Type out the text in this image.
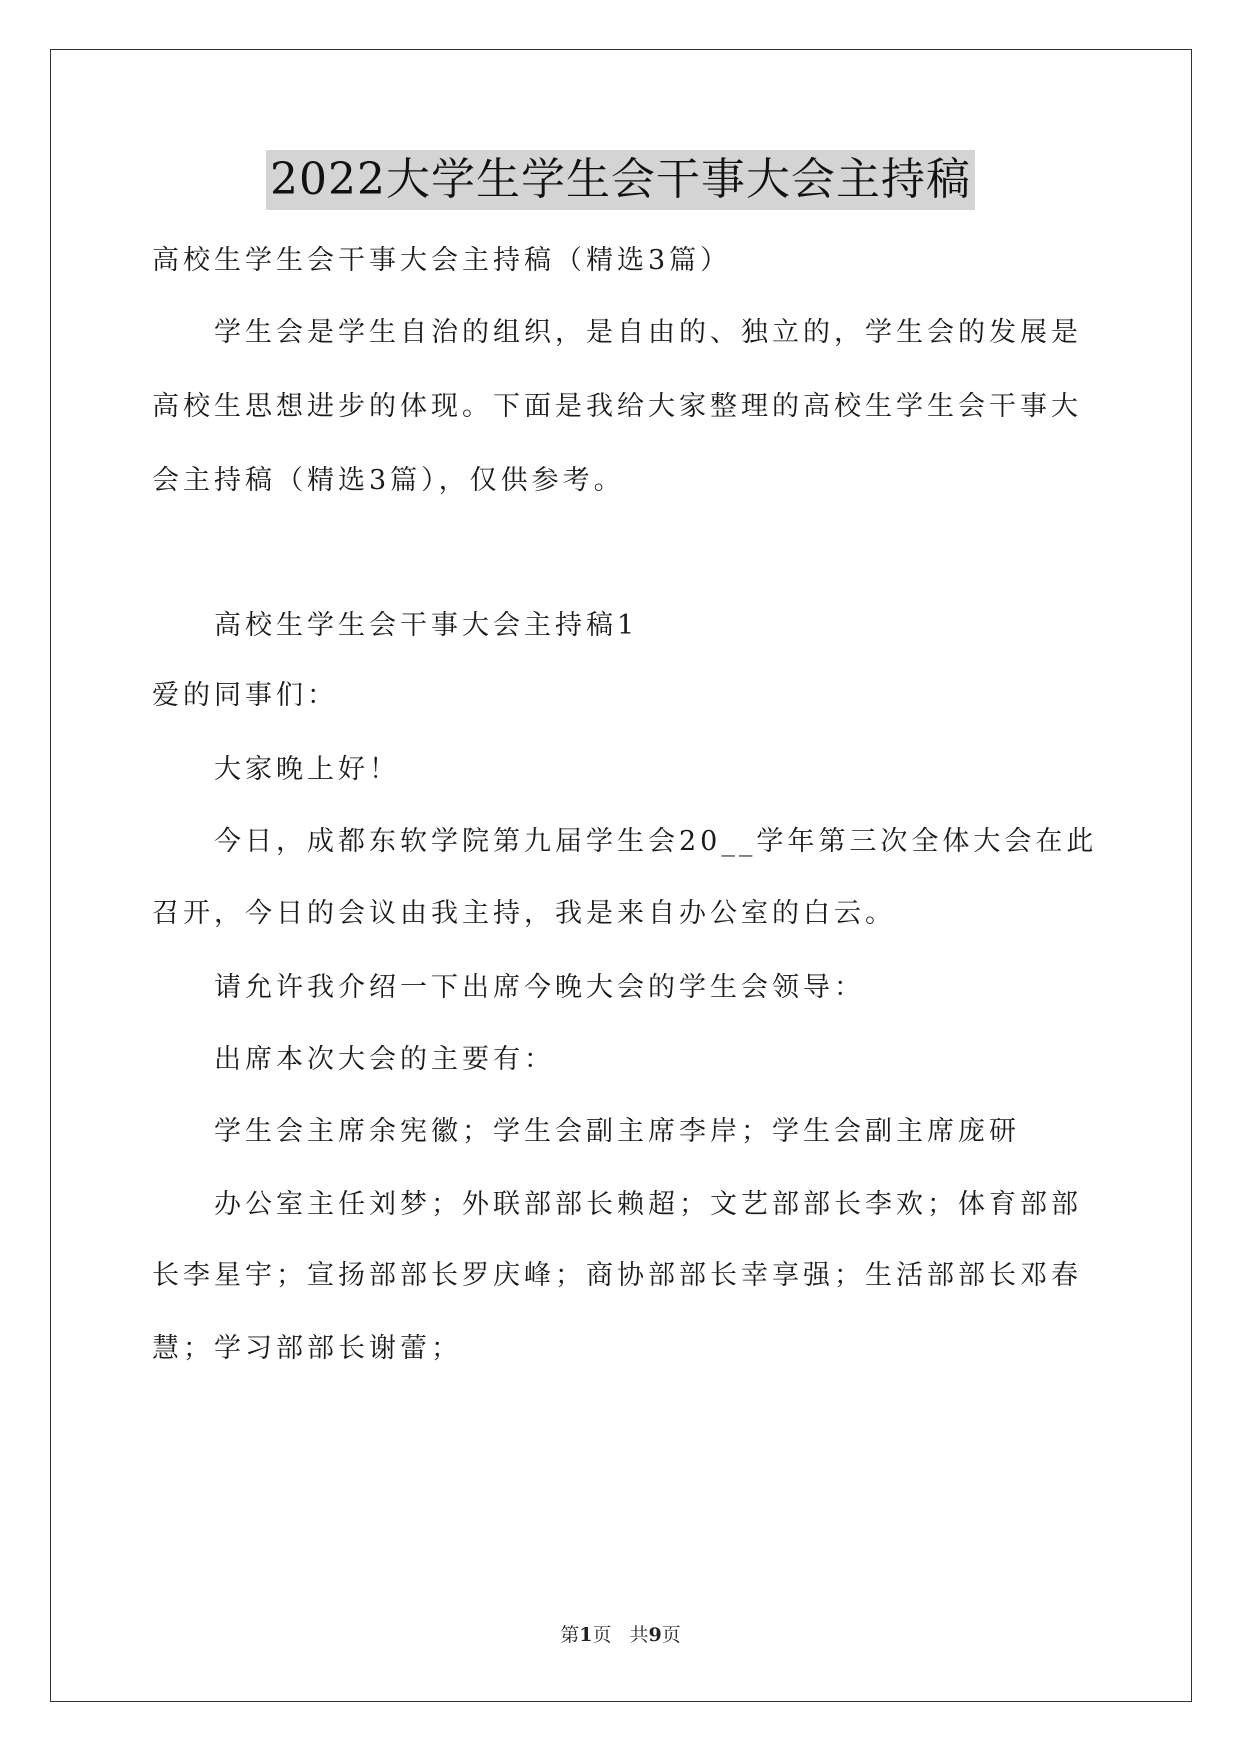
2022大学生学生会干事大会主持稿
高校生学生会干事大会主持稿（精选3篇）
学生会是学生自治的组织，是自由的、独立的，学生会的发展是
高校生思想进步的体现。下面是我给大家整理的高校生学生会干事大
会主持稿（精选3篇），仅供参考。
高校生学生会干事大会主持稿1
爱的同事们：
大家晚上好！
今日，成都东软学院第九届学生会20__学年第三次全体大会在此
召开，今日的会议由我主持，我是来自办公室的白云。
请允许我介绍一下出席今晚大会的学生会领导：
出席本次大会的主要有：
学生会主席余宪徽；学生会副主席李岸；学生会副主席庞研
办公室主任刘梦；外联部部长赖超；文艺部部长李欢；体育部部
长李星宇；宣扬部部长罗庆峰；商协部部长幸享强；生活部部长邓春
慧；学习部部长谢蕾；
第1页 共9页
